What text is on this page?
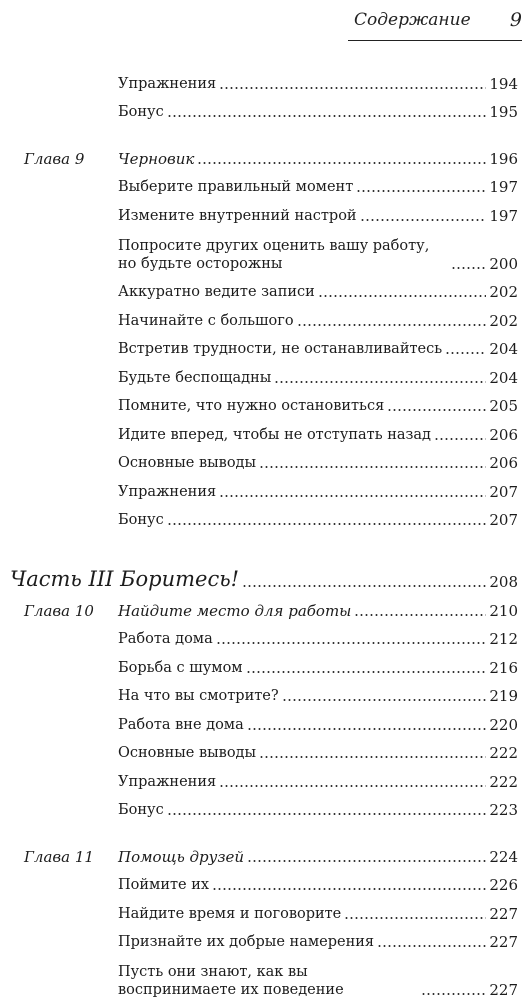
Содержание 9
Упражнения	194
Бонус	195
Глава 9 Черновик	196
Выберите правильный момент	197
Измените внутренний настрой	197
Попросите других оценить вашу работу, но будьте осторожны	200
Аккуратно ведите записи	202
Начинайте с большого	202
Встретив трудности, не останавливайтесь	204
Будьте беспощадны	204
Помните, что нужно остановиться	205
Идите вперед, чтобы не отступать назад	206
Основные выводы	206
Упражнения	207
Бонус	207
Часть III Боритесь!	208
Глава 10 Найдите место для работы	210
Работа дома	212
Борьба с шумом	216
На что вы смотрите?	219
Работа вне дома	220
Основные выводы	222
Упражнения	222
Бонус	223
Глава 11 Помощь друзей	224
Поймите их	226
Найдите время и поговорите	227
Признайте их добрые намерения	227
Пусть они знают, как вы воспринимаете их поведение	227
